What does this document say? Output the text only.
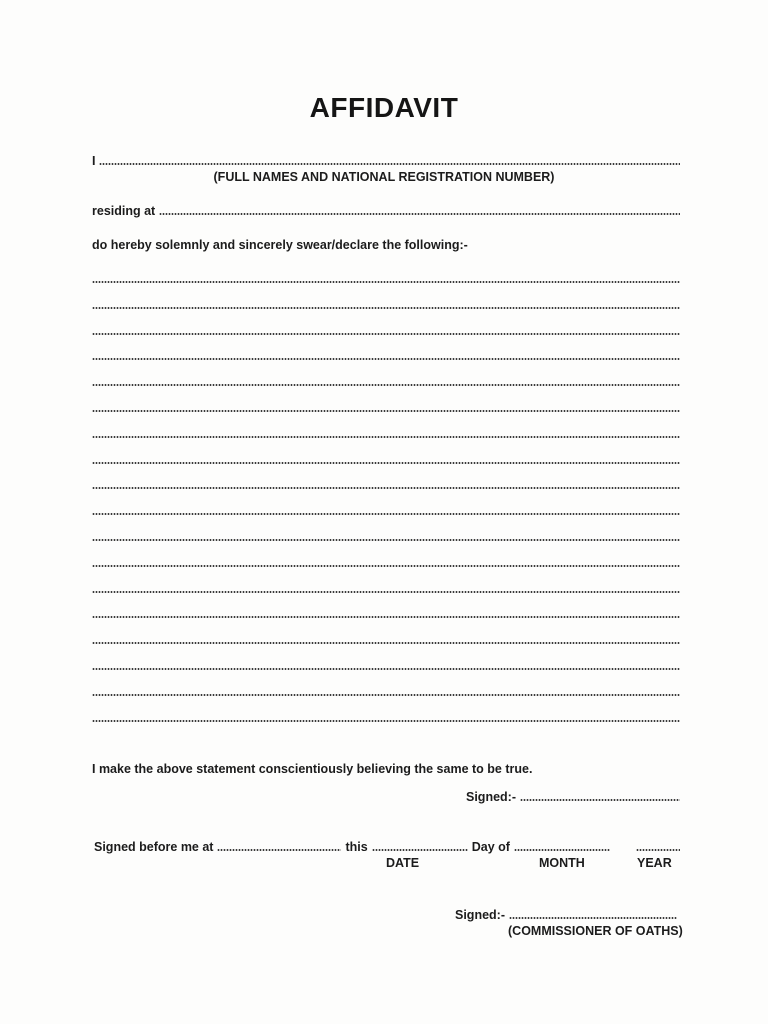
AFFIDAVIT
I
(FULL NAMES AND NATIONAL REGISTRATION NUMBER)
residing at
do hereby solemnly and sincerely swear/declare the following:-
I make the above statement conscientiously believing the same to be true.
Signed:-
Signed before me at	this	Day of
DATE	MONTH	YEAR
Signed:-
(COMMISSIONER OF OATHS)
